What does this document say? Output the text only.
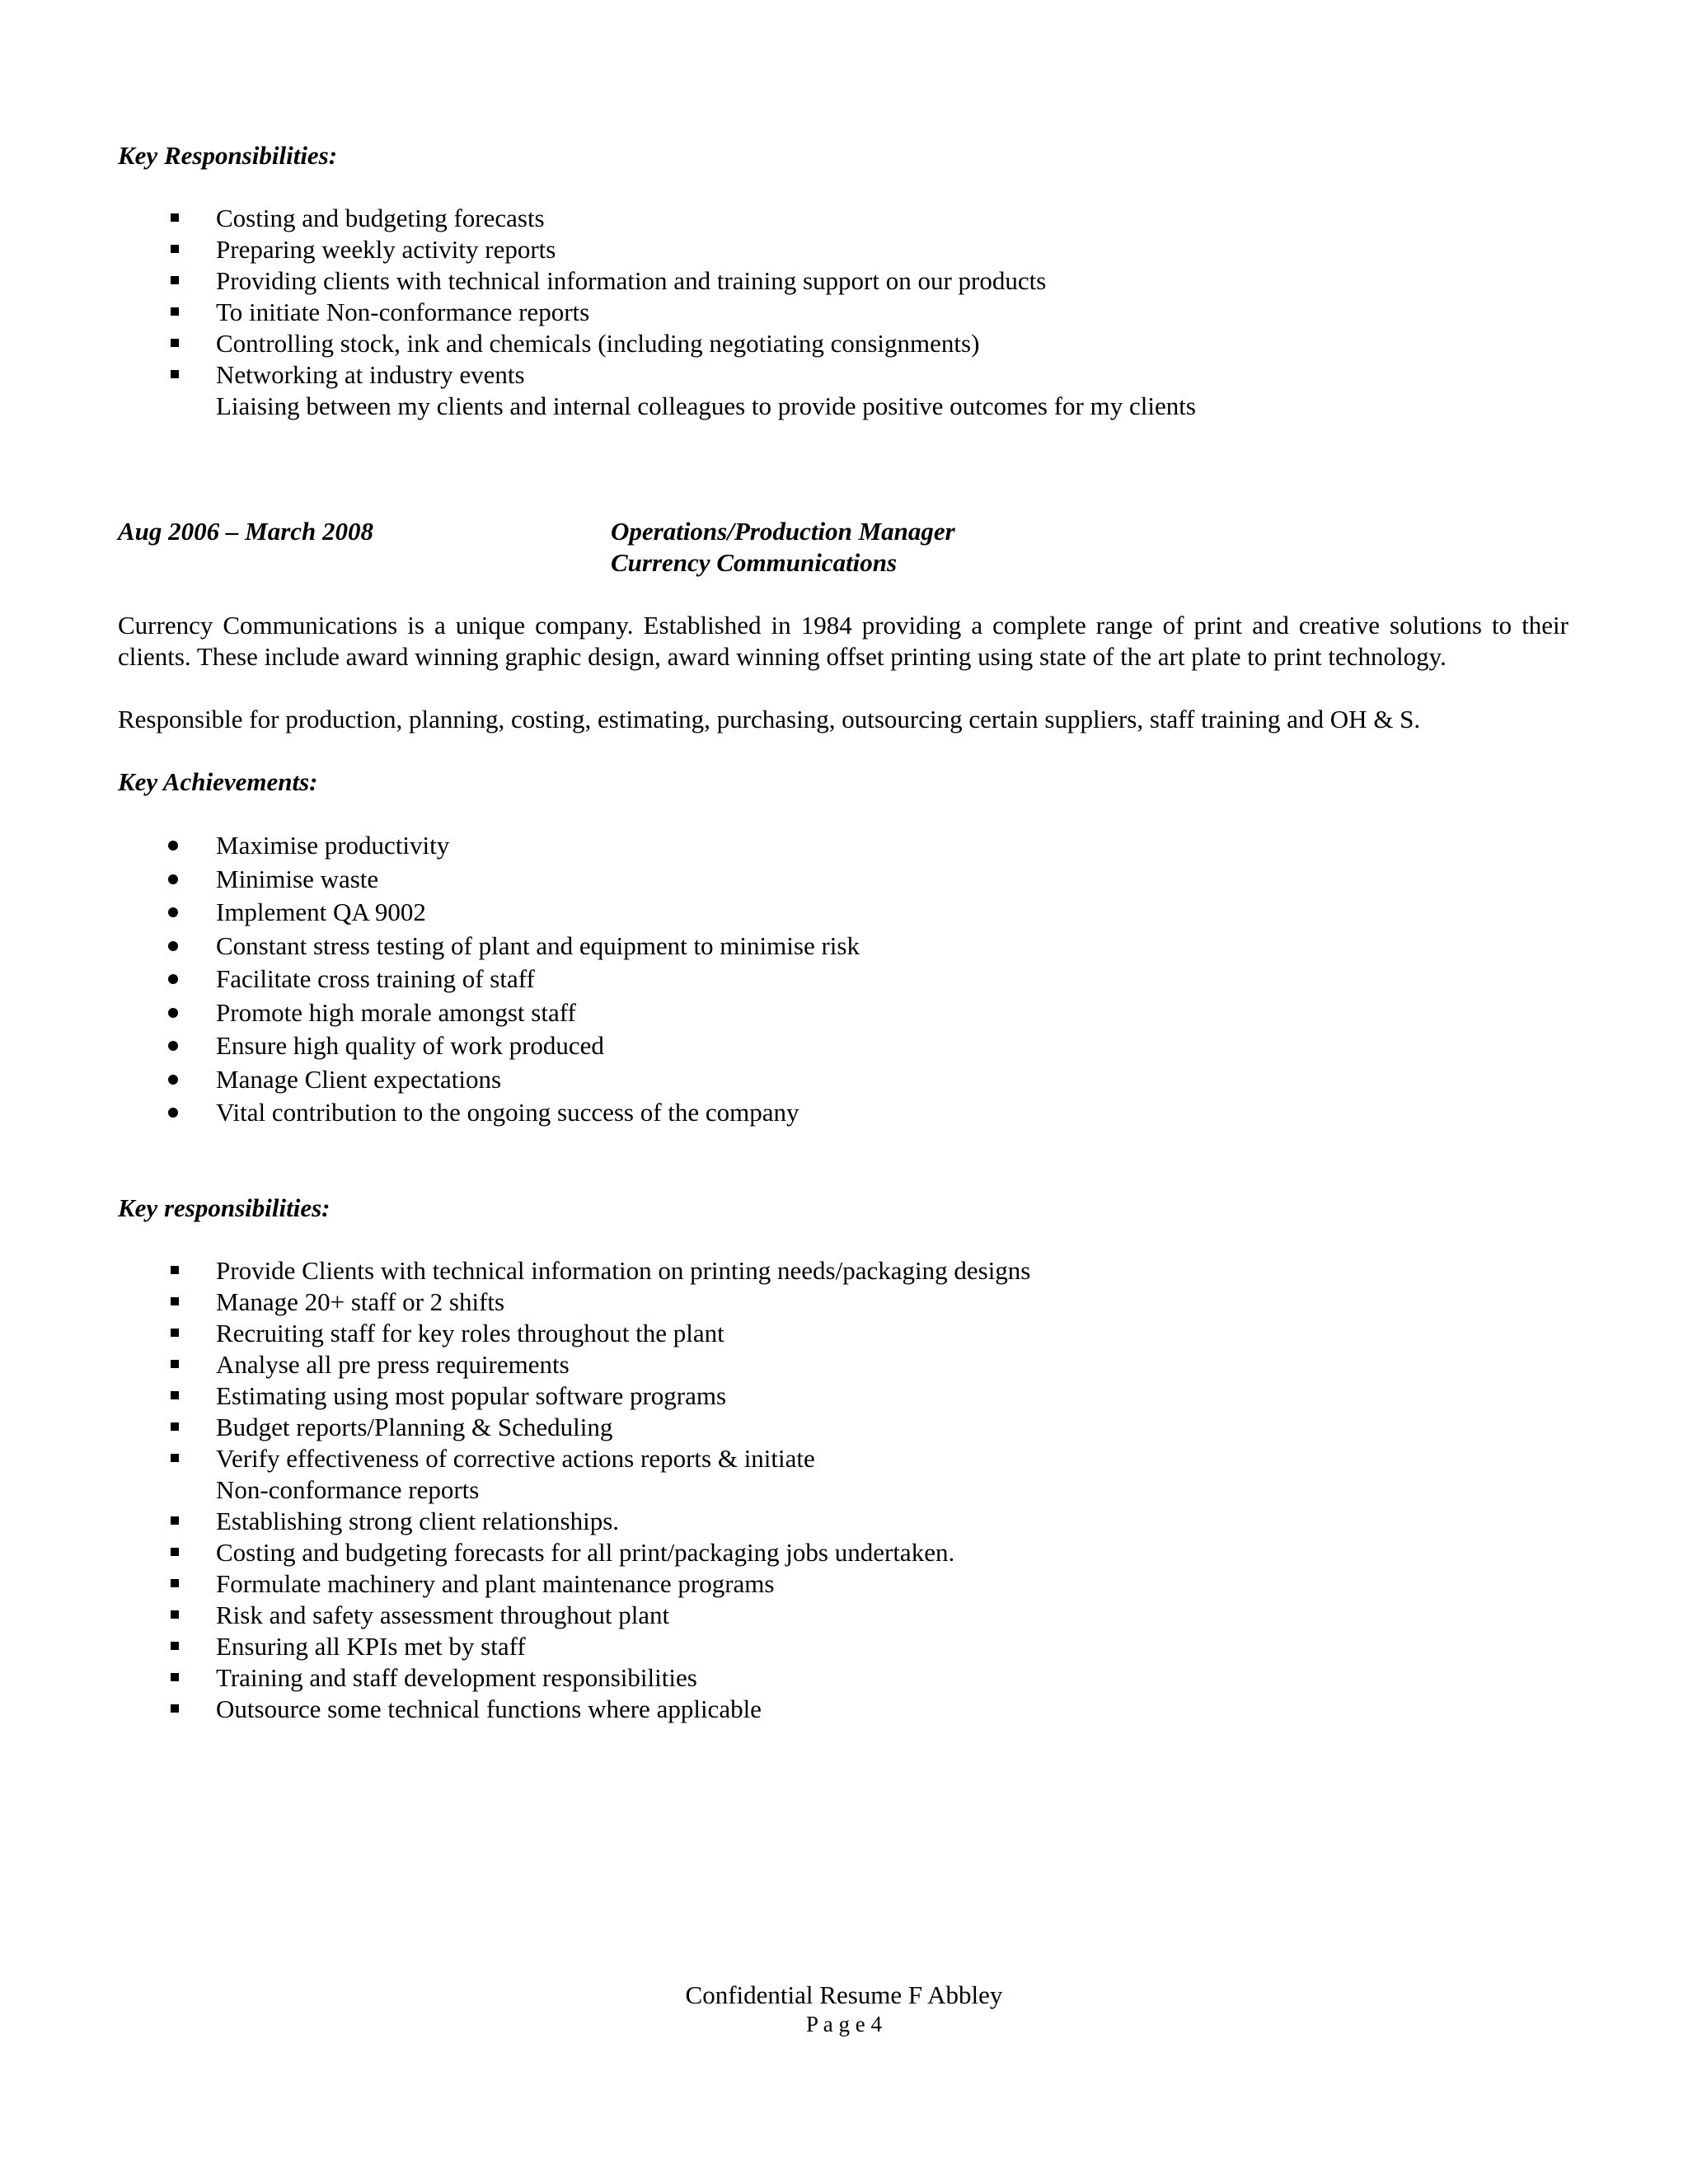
Key Responsibilities:

Costing and budgeting forecasts
Preparing weekly activity reports
Providing clients with technical information and training support on our products
To initiate Non-conformance reports
Controlling stock, ink and chemicals (including negotiating consignments)
Networking at industry events
Liaising between my clients and internal colleagues to provide positive outcomes for my clients
Aug 2006 – March 2008	Operations/Production Manager
Currency Communications

Currency Communications is a unique company. Established in 1984 providing a complete range of print and creative solutions to their clients. These include award winning graphic design, award winning offset printing using state of the art plate to print technology.

Responsible for production, planning, costing, estimating, purchasing, outsourcing certain suppliers, staff training and OH & S.

Key Achievements:

Maximise productivity
Minimise waste
Implement QA 9002
Constant stress testing of plant and equipment to minimise risk
Facilitate cross training of staff
Promote high morale amongst staff
Ensure high quality of work produced
Manage Client expectations
Vital contribution to the ongoing success of the company

Key responsibilities:

Provide Clients with technical information on printing needs/packaging designs
Manage 20+ staff or 2 shifts
Recruiting staff for key roles throughout the plant
Analyse all pre press requirements
Estimating using most popular software programs
Budget reports/Planning & Scheduling
Verify effectiveness of corrective actions reports & initiate
Non-conformance reports
Establishing strong client relationships.
Costing and budgeting forecasts for all print/packaging jobs undertaken.
Formulate machinery and plant maintenance programs
Risk and safety assessment throughout plant
Ensuring all KPIs met by staff
Training and staff development responsibilities
Outsource some technical functions where applicable
Confidential Resume F Abbley
P a g e 4
